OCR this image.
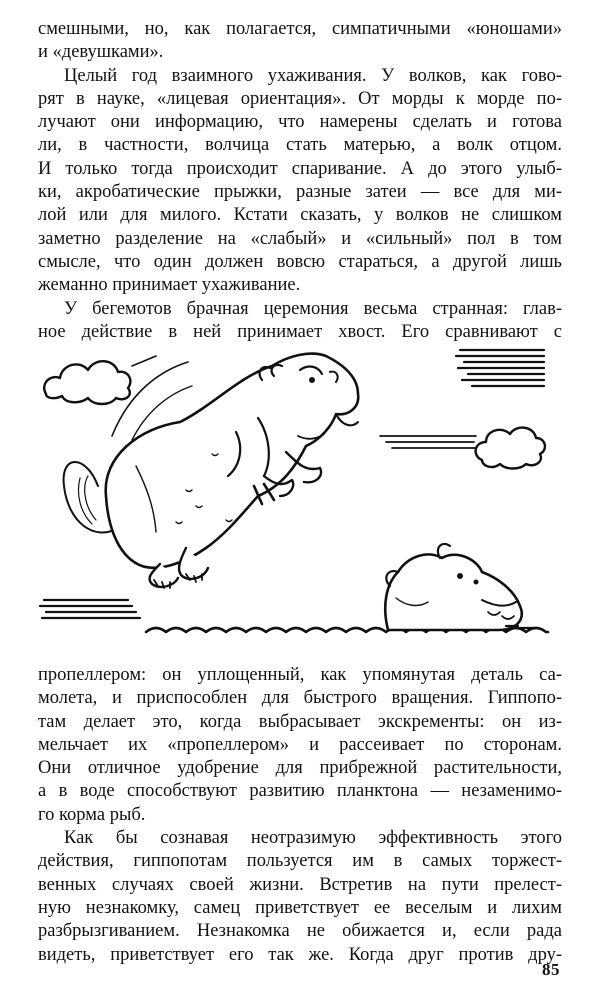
смешными, но, как полагается, симпатичными «юношами»
и «девушками».
Целый год взаимного ухаживания. У волков, как гово-
рят в науке, «лицевая ориентация». От морды к морде по-
лучают они информацию, что намерены сделать и готова
ли, в частности, волчица стать матерью, а волк отцом.
И только тогда происходит спаривание. А до этого улыб-
ки, акробатические прыжки, разные затеи — все для ми-
лой или для милого. Кстати сказать, у волков не слишком
заметно разделение на «слабый» и «сильный» пол в том
смысле, что один должен вовсю стараться, а другой лишь
жеманно принимает ухаживание.
У бегемотов брачная церемония весьма странная: глав-
ное действие в ней принимает хвост. Его сравнивают с
пропеллером: он уплощенный, как упомянутая деталь са-
молета, и приспособлен для быстрого вращения. Гиппопо-
там делает это, когда выбрасывает экскременты: он из-
мельчает их «пропеллером» и рассеивает по сторонам.
Они отличное удобрение для прибрежной растительности,
а в воде способствуют развитию планктона — незаменимо-
го корма рыб.
Как бы сознавая неотразимую эффективность этого
действия, гиппопотам пользуется им в самых торжест-
венных случаях своей жизни. Встретив на пути прелест-
ную незнакомку, самец приветствует ее веселым и лихим
разбрызгиванием. Незнакомка не обижается и, если рада
видеть, приветствует его так же. Когда друг против дру-
85
